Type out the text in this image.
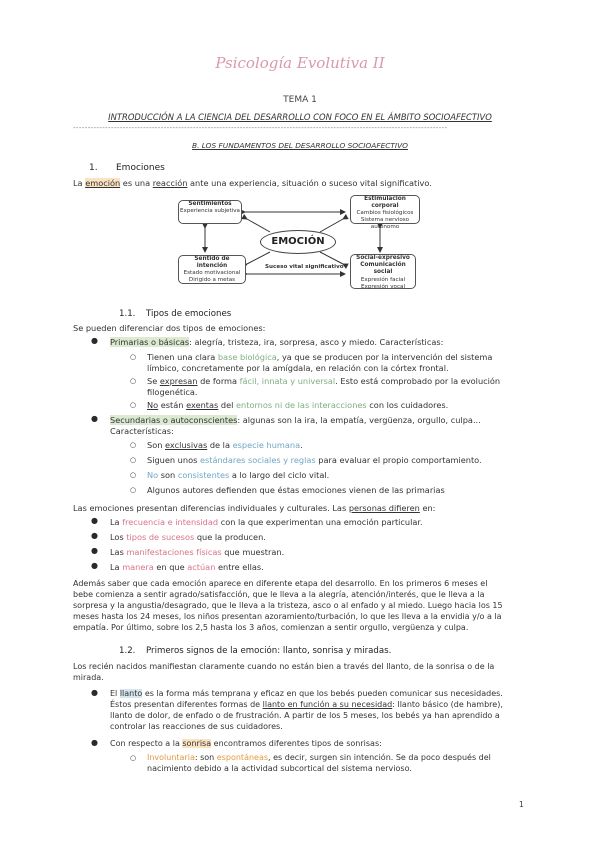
Psicología Evolutiva II
TEMA 1
INTRODUCCIÓN A LA CIENCIA DEL DESARROLLO CON FOCO EN EL ÁMBITO SOCIOAFECTIVO
--------------------------------------------------------------------------------------------------------------------------------
B. LOS FUNDAMENTOS DEL DESARROLLO SOCIOAFECTIVO
1. Emociones
La emoción es una reacción ante una experiencia, situación o suceso vital significativo.
Sentimientos
Experiencia subjetiva
Estimulación corporal
Cambios fisiológicos
Sistema nervioso autónomo
EMOCIÓN
Sentido de intención
Estado motivacional
Dirigido a metas
Suceso vital significativo
Social-expresivo
Comunicación social
Expresión facial
Expresión vocal
1.1. Tipos de emociones
Se pueden diferenciar dos tipos de emociones:
● Primarias o básicas: alegría, tristeza, ira, sorpresa, asco y miedo. Características:
○ Tienen una clara base biológica, ya que se producen por la intervención del sistema
límbico, concretamente por la amígdala, en relación con la córtex frontal.
○ Se expresan de forma fácil, innata y universal. Esto está comprobado por la evolución
filogenética.
○ No están exentas del entornos ni de las interacciones con los cuidadores.
● Secundarias o autoconscientes: algunas son la ira, la empatía, vergüenza, orgullo, culpa...
Características:
○ Son exclusivas de la especie humana.
○ Siguen unos estándares sociales y reglas para evaluar el propio comportamiento.
○ No son consistentes a lo largo del ciclo vital.
○ Algunos autores defienden que éstas emociones vienen de las primarias
Las emociones presentan diferencias individuales y culturales. Las personas difieren en:
● La frecuencia e intensidad con la que experimentan una emoción particular.
● Los tipos de sucesos que la producen.
● Las manifestaciones físicas que muestran.
● La manera en que actúan entre ellas.
Además saber que cada emoción aparece en diferente etapa del desarrollo. En los primeros 6 meses el
bebe comienza a sentir agrado/satisfacción, que le lleva a la alegría, atención/interés, que le lleva a la
sorpresa y la angustia/desagrado, que le lleva a la tristeza, asco o al enfado y al miedo. Luego hacia los 15
meses hasta los 24 meses, los niños presentan azoramiento/turbación, lo que les lleva a la envidia y/o a la
empatía. Por último, sobre los 2,5 hasta los 3 años, comienzan a sentir orgullo, vergüenza y culpa.
1.2. Primeros signos de la emoción: llanto, sonrisa y miradas.
Los recién nacidos manifiestan claramente cuando no están bien a través del llanto, de la sonrisa o de la
mirada.
● El llanto es la forma más temprana y eficaz en que los bebés pueden comunicar sus necesidades.
Éstos presentan diferentes formas de llanto en función a su necesidad: llanto básico (de hambre),
llanto de dolor, de enfado o de frustración. A partir de los 5 meses, los bebés ya han aprendido a
controlar las reacciones de sus cuidadores.
● Con respecto a la sonrisa encontramos diferentes tipos de sonrisas:
○ Involuntaria: son espontáneas, es decir, surgen sin intención. Se da poco después del
nacimiento debido a la actividad subcortical del sistema nervioso.
1
